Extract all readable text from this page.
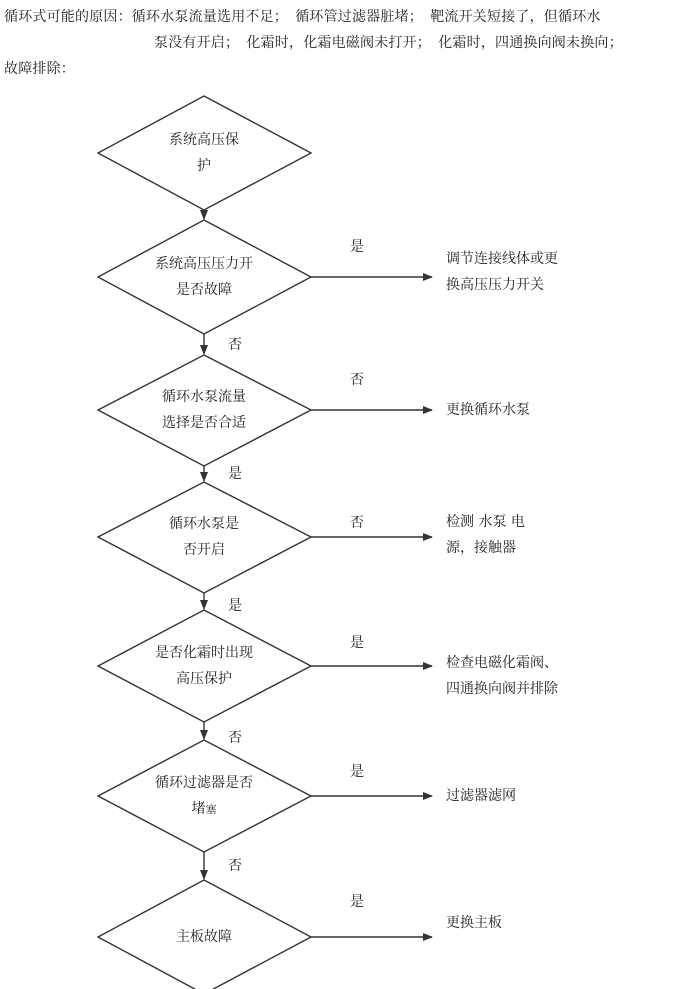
循环式可能的原因：循环水泵流量选用不足；　循环管过滤器脏堵；　靶流开关短接了，但循环水
泵没有开启；　化霜时，化霜电磁阀未打开；　化霜时，四通换向阀未换向；
故障排除：
系统高压保
护
系统高压压力开
是否故障
循环水泵流量
选择是否合适
循环水泵是
否开启
是否化霜时出现
高压保护
循环过滤器是否
堵塞
主板故障
调节连接线体或更
换高压压力开关
更换循环水泵
检测 水泵 电
源，接触器
检查电磁化霜阀、
四通换向阀并排除
过滤器滤网
更换主板
是
否
否
是
是
是
否
是
是
否
否
